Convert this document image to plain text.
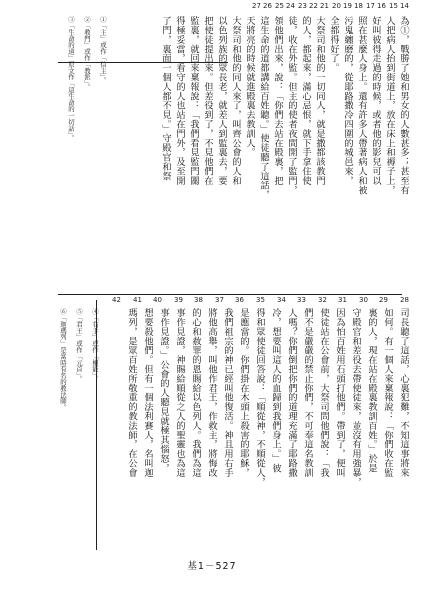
14
15
16
17
18
19
20
21
22
23
24
25
26
27
為①，戰勝了她和男女的人數甚多；甚至有
人把病人抬到街道上，放在床上和褥子上，
好叫彼得走過的時候，或者他的影兒可以
照在甚麼人身上。還有許多人帶著病人和被
污鬼纏磨的，從耶路撒冷四圍的城邑來，
全都得好了。
大祭司和他的一切同人，就是撒都該教門
的人，都起來，滿心忌恨，就下手拿住使
徒，收在外監。但主的使者夜間開了監門，
領他們出來，說：「你們去站在殿裏，把
這生命的道都講給百姓聽。」使徒聽了這話，
天將亮的時候就進殿裏去教訓人。
大祭司和他的同人來了，叫齊公會的人和
以色列族的眾長老，就差人到監裏去，要
把使徒提出來。但差役到了，不見他們在
監裏，就回來稟報說：「我們看見監門關
得極妥當，看守的人也站在門外，及至開
了門，裏面一個人都不見。」守殿官和祭
①「主」或作「信主」。
②「教門」或作「教派」。
③「生命的道」原文作「這生命的一切話」。
28
29
30
31
32
33
34
35
36
37
38
39
40
41
42
司長聽了這話，心裏犯難，不知這事將來
如何。有一個人來稟報說：「你們收在監
裏的人，現在站在殿裏教訓百姓。」於是
守殿官和差役去帶使徒來，並沒有用強暴，
因為怕百姓用石頭打他們。帶到了，便叫
使徒站在公會前，大祭司問他們說：「我
們不是嚴嚴的禁止你們，不可奉這名教訓
人嗎？你們倒把你們的道理充滿了耶路撒
冷，想要叫這人的血歸到我們身上。」彼
得和眾使徒回答說：「順從神，不順從人，
是應當的。你們掛在木頭上殺害的耶穌，
我們祖宗的神已經叫他復活。神且用右手
將他高舉，叫他作君王，作救主，將悔改
的心和赦罪的恩賜給以色列人。我們為這
事作見證，神賜給順從之人的聖靈也為這
事作見證。」公會的人聽見就極其惱怒，
想要殺他們。但有一個法利賽人，名叫迦
瑪列，是眾百姓所敬重的教法師，在公會
④「右手」或作「權能」。
⑤「君王」或作「元首」。
⑥「迦瑪列」是當時有名的教法師。
基1－527
